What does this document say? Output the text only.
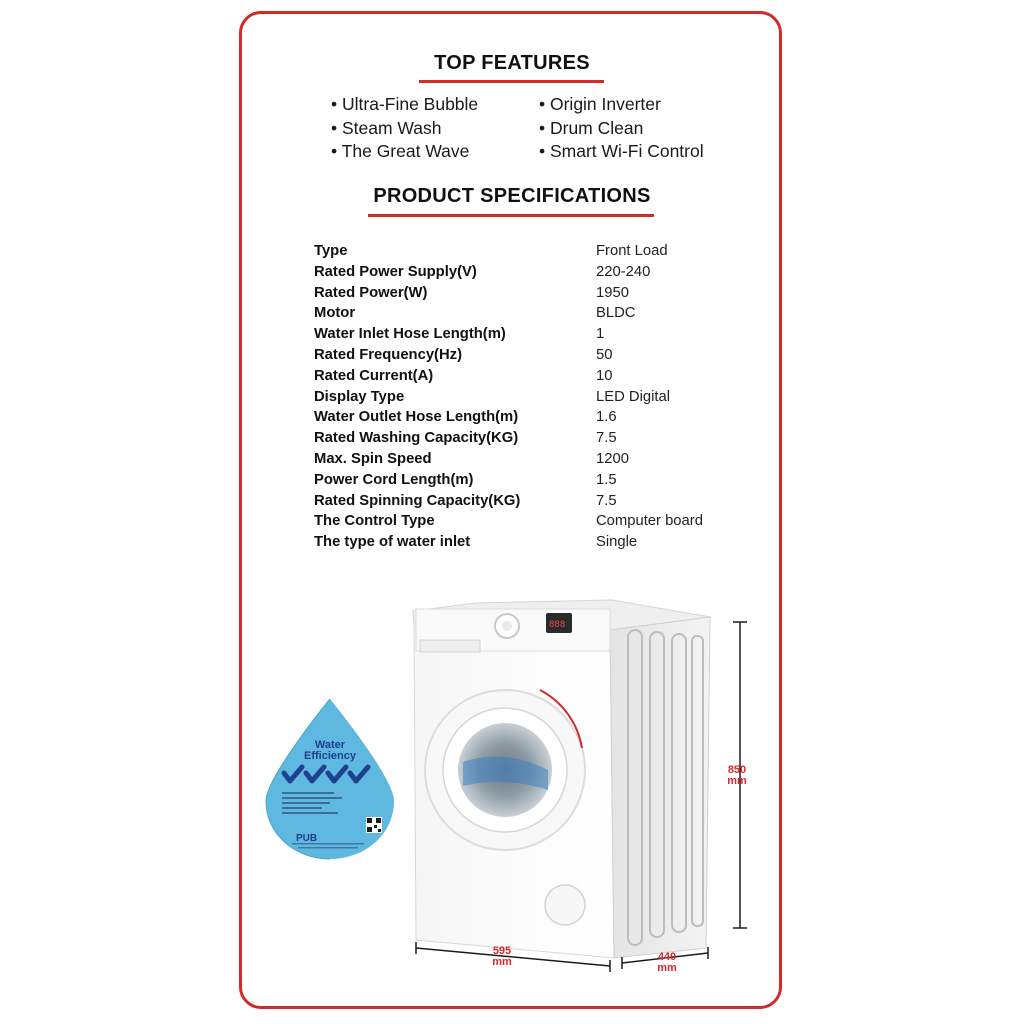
TOP FEATURES
• Ultra-Fine Bubble
• Steam Wash
• The Great Wave
• Origin Inverter
• Drum Clean
• Smart Wi-Fi Control
PRODUCT SPECIFICATIONS
Type	Front Load
Rated Power Supply(V)	220-240
Rated Power(W)	1950
Motor	BLDC
Water Inlet Hose Length(m)	1
Rated Frequency(Hz)	50
Rated Current(A)	10
Display Type	LED Digital
Water Outlet Hose Length(m)	1.6
Rated Washing Capacity(KG)	7.5
Max. Spin Speed	1200
Power Cord Length(m)	1.5
Rated Spinning Capacity(KG)	7.5
The Control Type	Computer board
The type of water inlet	Single
888
850
mm
595
mm	440
mm
Water
Efficiency
PUB
